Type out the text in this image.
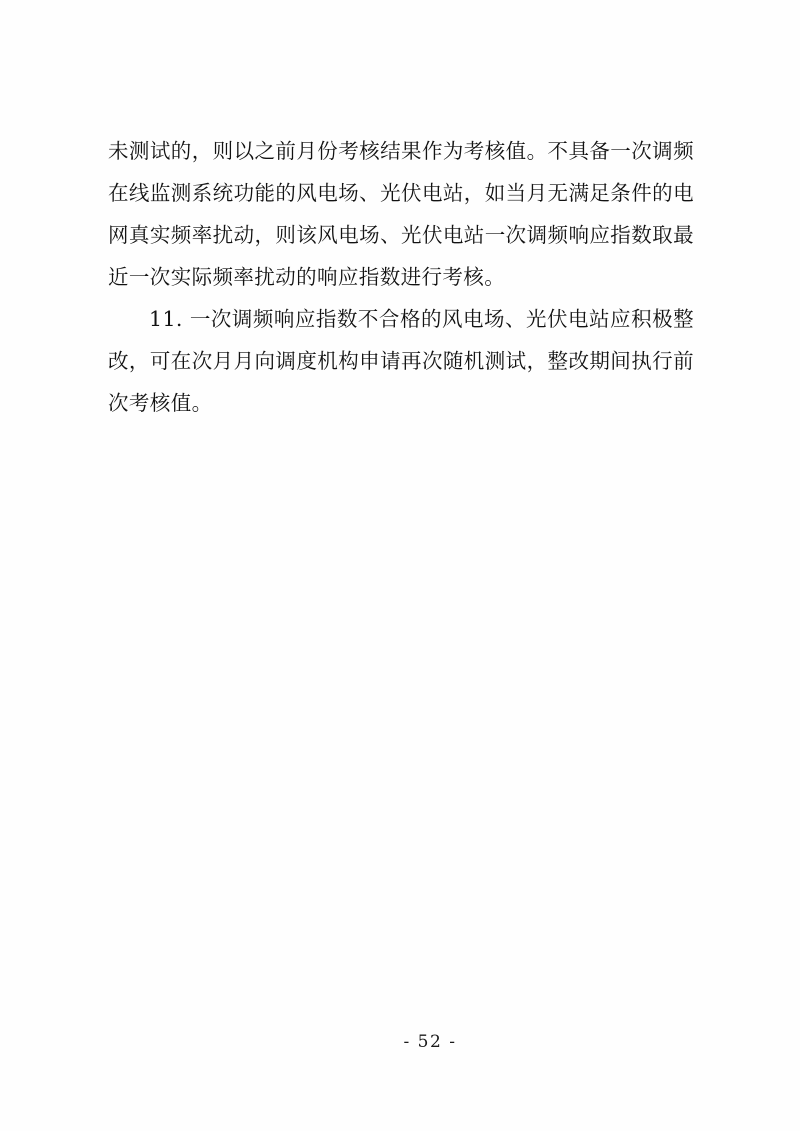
未测试的，则以之前月份考核结果作为考核值。不具备一次调频在线监测系统功能的风电场、光伏电站，如当月无满足条件的电网真实频率扰动，则该风电场、光伏电站一次调频响应指数取最近一次实际频率扰动的响应指数进行考核。

11. 一次调频响应指数不合格的风电场、光伏电站应积极整改，可在次月月向调度机构申请再次随机测试，整改期间执行前次考核值。

- 52 -
